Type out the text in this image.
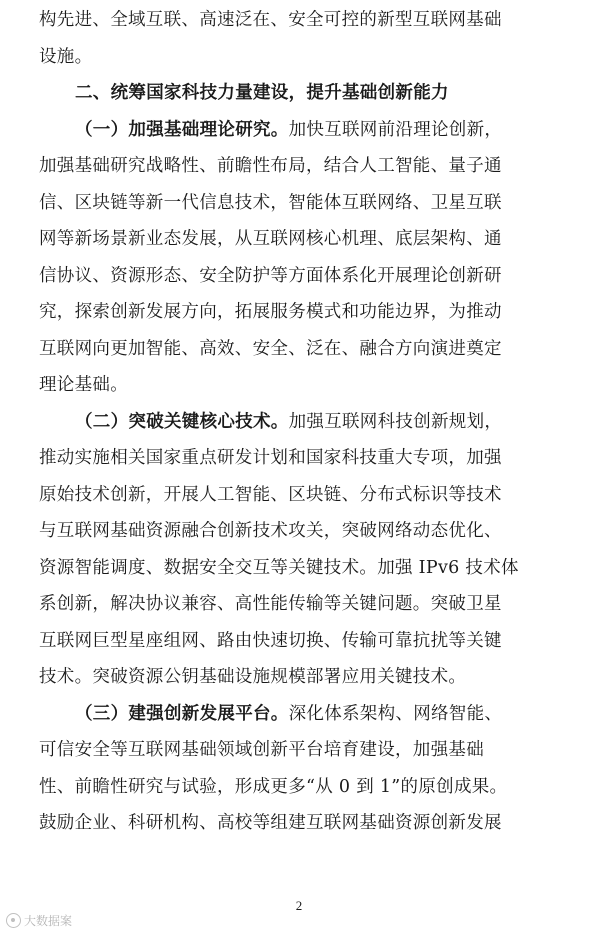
构先进、全域互联、高速泛在、安全可控的新型互联网基础
设施。
二、统筹国家科技力量建设，提升基础创新能力
（一）加强基础理论研究。加快互联网前沿理论创新，
加强基础研究战略性、前瞻性布局，结合人工智能、量子通
信、区块链等新一代信息技术，智能体互联网络、卫星互联
网等新场景新业态发展，从互联网核心机理、底层架构、通
信协议、资源形态、安全防护等方面体系化开展理论创新研
究，探索创新发展方向，拓展服务模式和功能边界，为推动
互联网向更加智能、高效、安全、泛在、融合方向演进奠定
理论基础。
（二）突破关键核心技术。加强互联网科技创新规划，
推动实施相关国家重点研发计划和国家科技重大专项，加强
原始技术创新，开展人工智能、区块链、分布式标识等技术
与互联网基础资源融合创新技术攻关，突破网络动态优化、
资源智能调度、数据安全交互等关键技术。加强 IPv6 技术体
系创新，解决协议兼容、高性能传输等关键问题。突破卫星
互联网巨型星座组网、路由快速切换、传输可靠抗扰等关键
技术。突破资源公钥基础设施规模部署应用关键技术。
（三）建强创新发展平台。深化体系架构、网络智能、
可信安全等互联网基础领域创新平台培育建设，加强基础
性、前瞻性研究与试验，形成更多“从 0 到 1”的原创成果。
鼓励企业、科研机构、高校等组建互联网基础资源创新发展
2
大数据案
